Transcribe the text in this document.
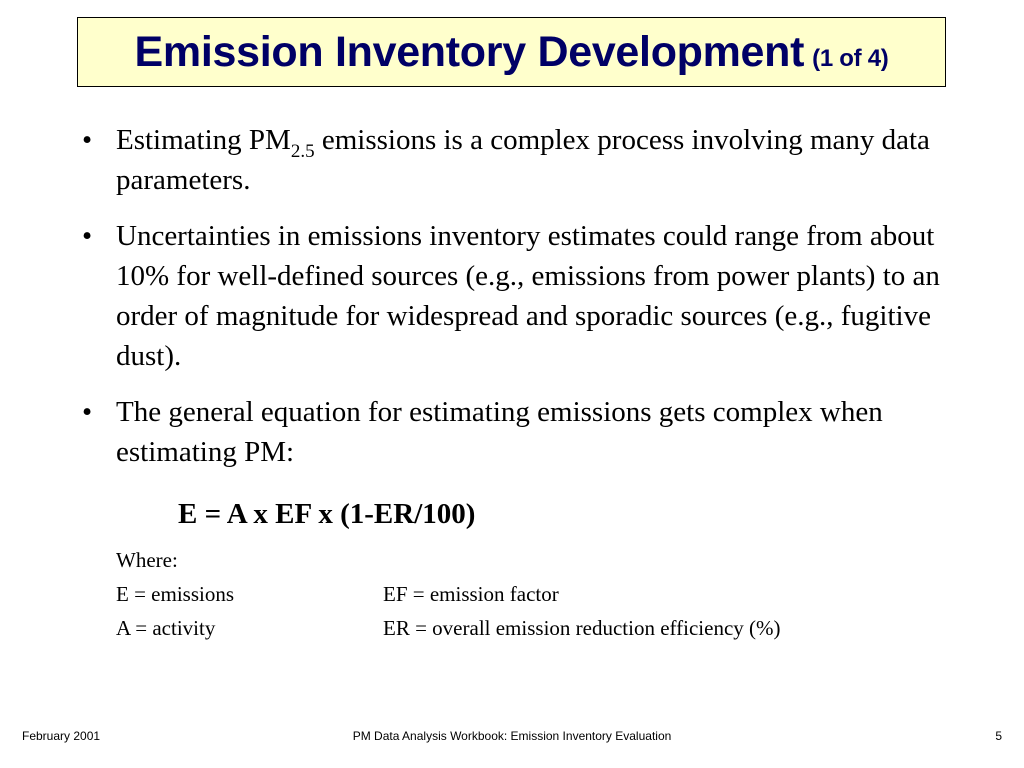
Emission Inventory Development (1 of 4)
• Estimating $PM_{2.5}$ emissions is a complex process involving many data parameters.
• Uncertainties in emissions inventory estimates could range from about 10% for well-defined sources (e.g., emissions from power plants) to an order of magnitude for widespread and sporadic sources (e.g., fugitive dust).
• The general equation for estimating emissions gets complex when estimating PM:
E = A x EF x (1-ER/100)
Where:
E = emissions	EF = emission factor
A = activity	ER = overall emission reduction efficiency (%)
February 2001	PM Data Analysis Workbook: Emission Inventory Evaluation	5
